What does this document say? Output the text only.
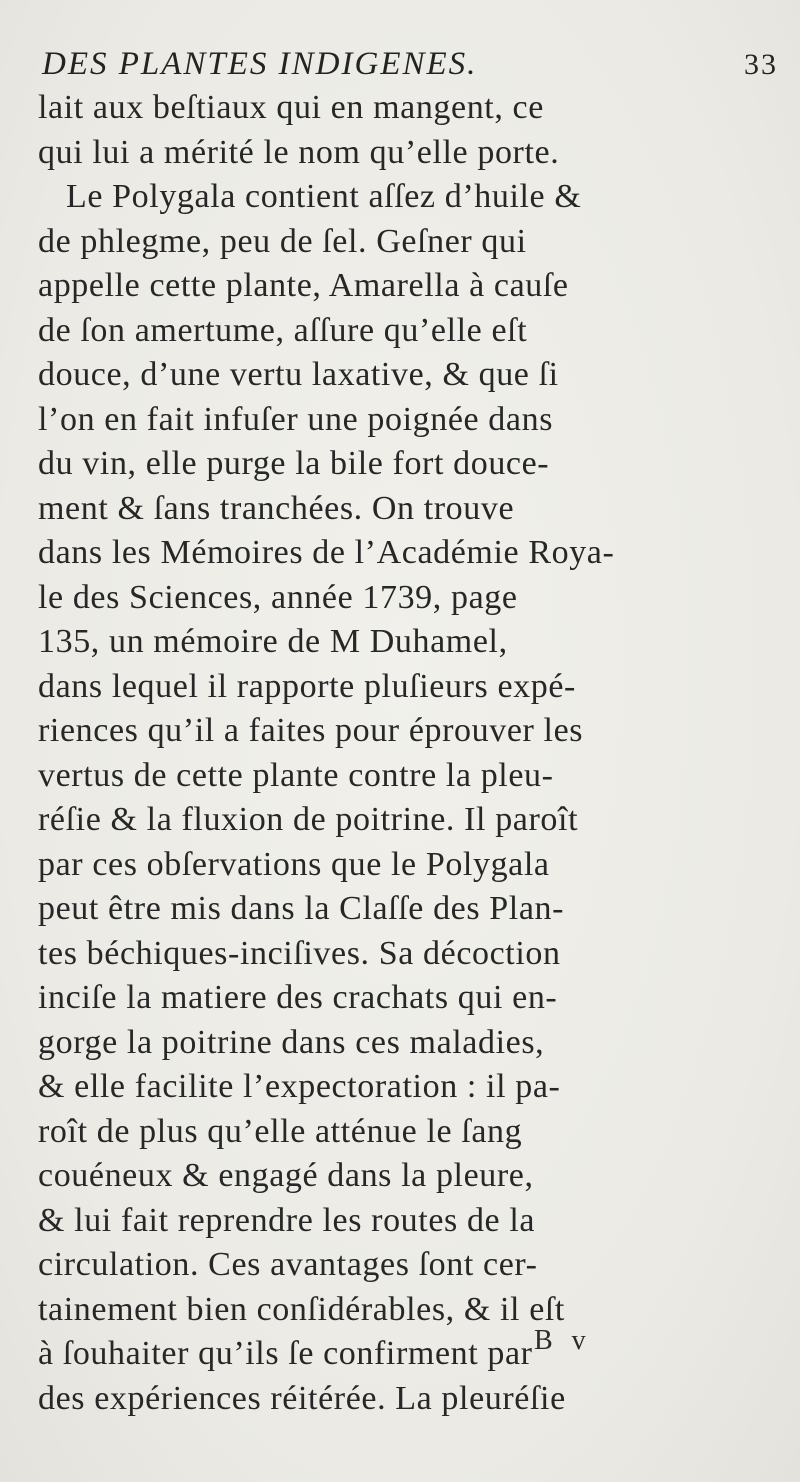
DES PLANTES INDIGENES.	33
lait aux beſtiaux qui en mangent, ce
qui lui a mérité le nom qu’elle porte.
Le Polygala contient aſſez d’huile &
de phlegme, peu de ſel. Geſner qui
appelle cette plante, Amarella à cauſe
de ſon amertume, aſſure qu’elle eſt
douce, d’une vertu laxative, & que ſi
l’on en fait infuſer une poignée dans
du vin, elle purge la bile fort douce-
ment & ſans tranchées. On trouve
dans les Mémoires de l’Académie Roya-
le des Sciences, année 1739, page
135, un mémoire de M Duhamel,
dans lequel il rapporte pluſieurs expé-
riences qu’il a faites pour éprouver les
vertus de cette plante contre la pleu-
réſie & la fluxion de poitrine. Il paroît
par ces obſervations que le Polygala
peut être mis dans la Claſſe des Plan-
tes béchiques-inciſives. Sa décoction
inciſe la matiere des crachats qui en-
gorge la poitrine dans ces maladies,
& elle facilite l’expectoration : il pa-
roît de plus qu’elle atténue le ſang
couéneux & engagé dans la pleure,
& lui fait reprendre les routes de la
circulation. Ces avantages ſont cer-
tainement bien conſidérables, & il eſt
à ſouhaiter qu’ils ſe confirment par
des expériences réitérée. La pleuréſie
B v
